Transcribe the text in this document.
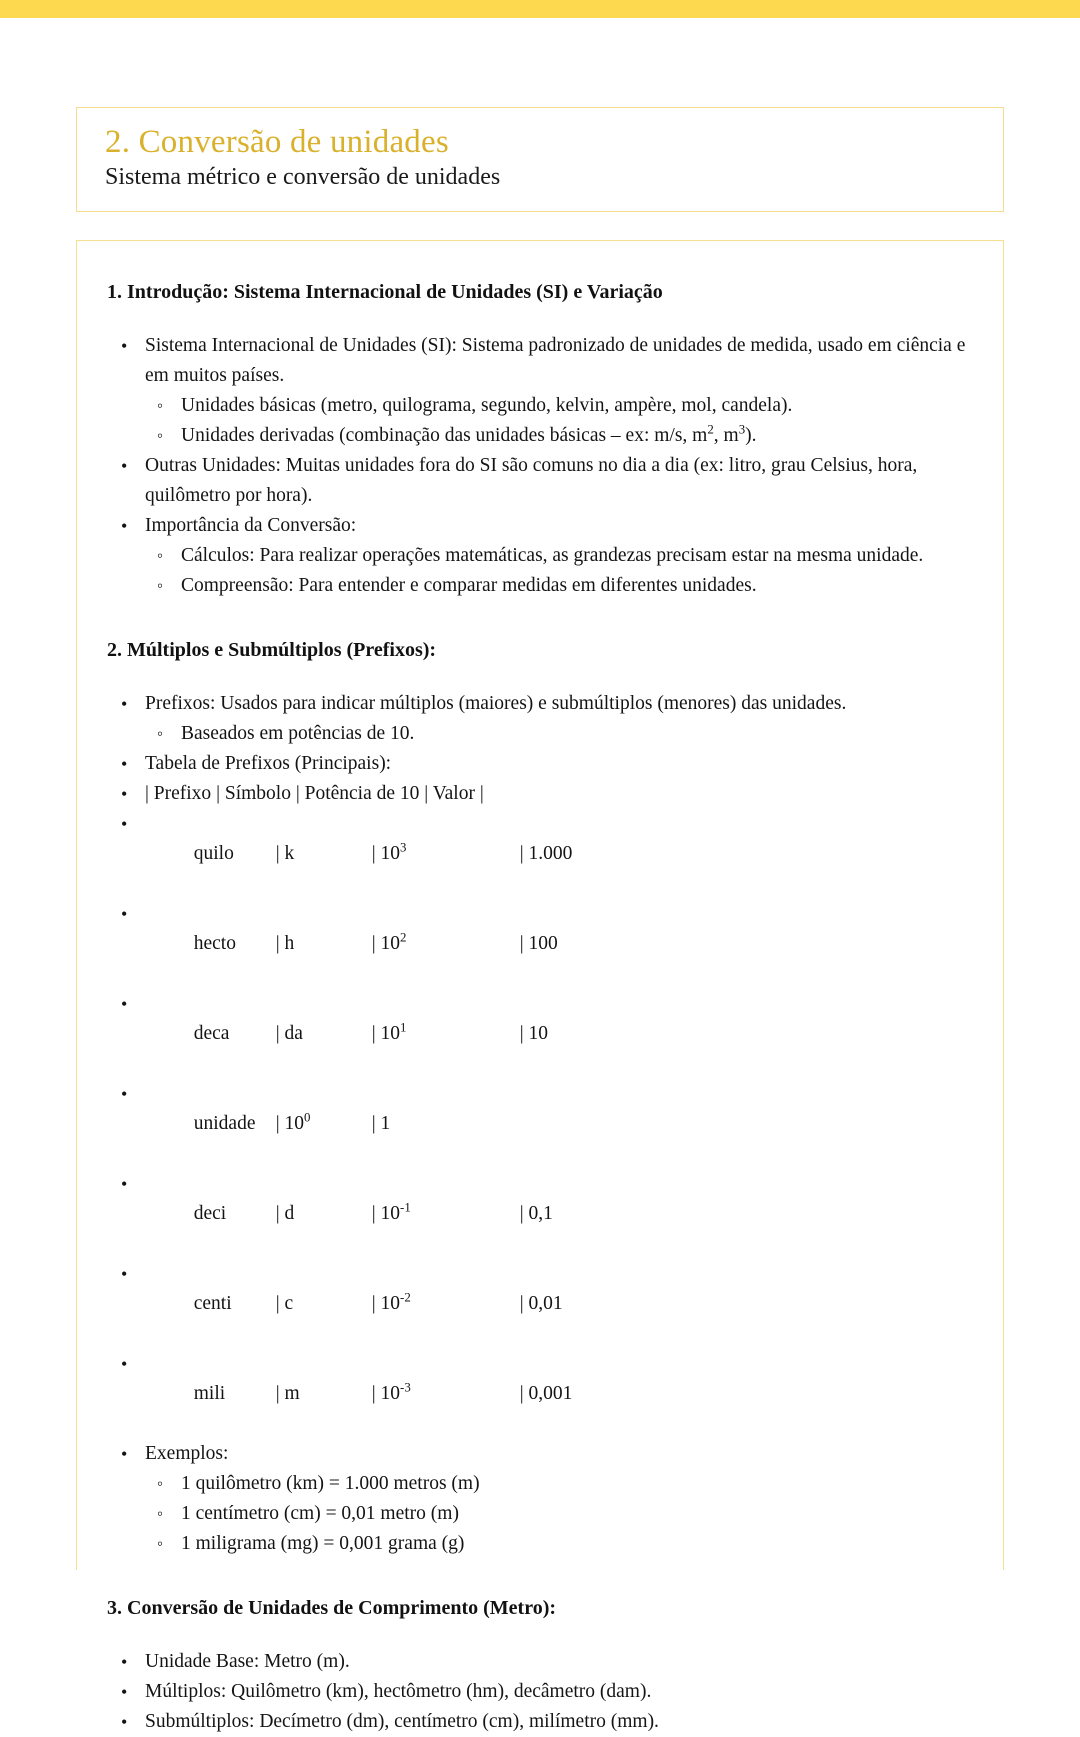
2. Conversão de unidades
Sistema métrico e conversão de unidades
1. Introdução: Sistema Internacional de Unidades (SI) e Variação
• Sistema Internacional de Unidades (SI): Sistema padronizado de unidades de medida, usado em ciência e em muitos países.
◦ Unidades básicas (metro, quilograma, segundo, kelvin, ampère, mol, candela).
◦ Unidades derivadas (combinação das unidades básicas – ex: m/s, $m^2$, $m^3$).
• Outras Unidades: Muitas unidades fora do SI são comuns no dia a dia (ex: litro, grau Celsius, hora, quilômetro por hora).
• Importância da Conversão:
◦ Cálculos: Para realizar operações matemáticas, as grandezas precisam estar na mesma unidade.
◦ Compreensão: Para entender e comparar medidas em diferentes unidades.
2. Múltiplos e Submúltiplos (Prefixos):
• Prefixos: Usados para indicar múltiplos (maiores) e submúltiplos (menores) das unidades.
◦ Baseados em potências de 10.
• Tabela de Prefixos (Principais):
• | Prefixo | Símbolo | Potência de 10 | Valor |

• quilo | k	| $10^3$	| 1.000

• hecto | h	| $10^2$	| 100

• deca | da	| $10^1$	| 10

• unidade | $10^0$	| 1

• deci	| d	| $10^{-1}$	| 0,1

• centi | c	| $10^{-2}$	| 0,01

• mili	| m	| $10^{-3}$	| 0,001

• Exemplos:
◦ 1 quilômetro (km) = 1.000 metros (m)
◦ 1 centímetro (cm) = 0,01 metro (m)
◦ 1 miligrama (mg) = 0,001 grama (g)
3. Conversão de Unidades de Comprimento (Metro):
• Unidade Base: Metro (m).
• Múltiplos: Quilômetro (km), hectômetro (hm), decâmetro (dam).
• Submúltiplos: Decímetro (dm), centímetro (cm), milímetro (mm).
